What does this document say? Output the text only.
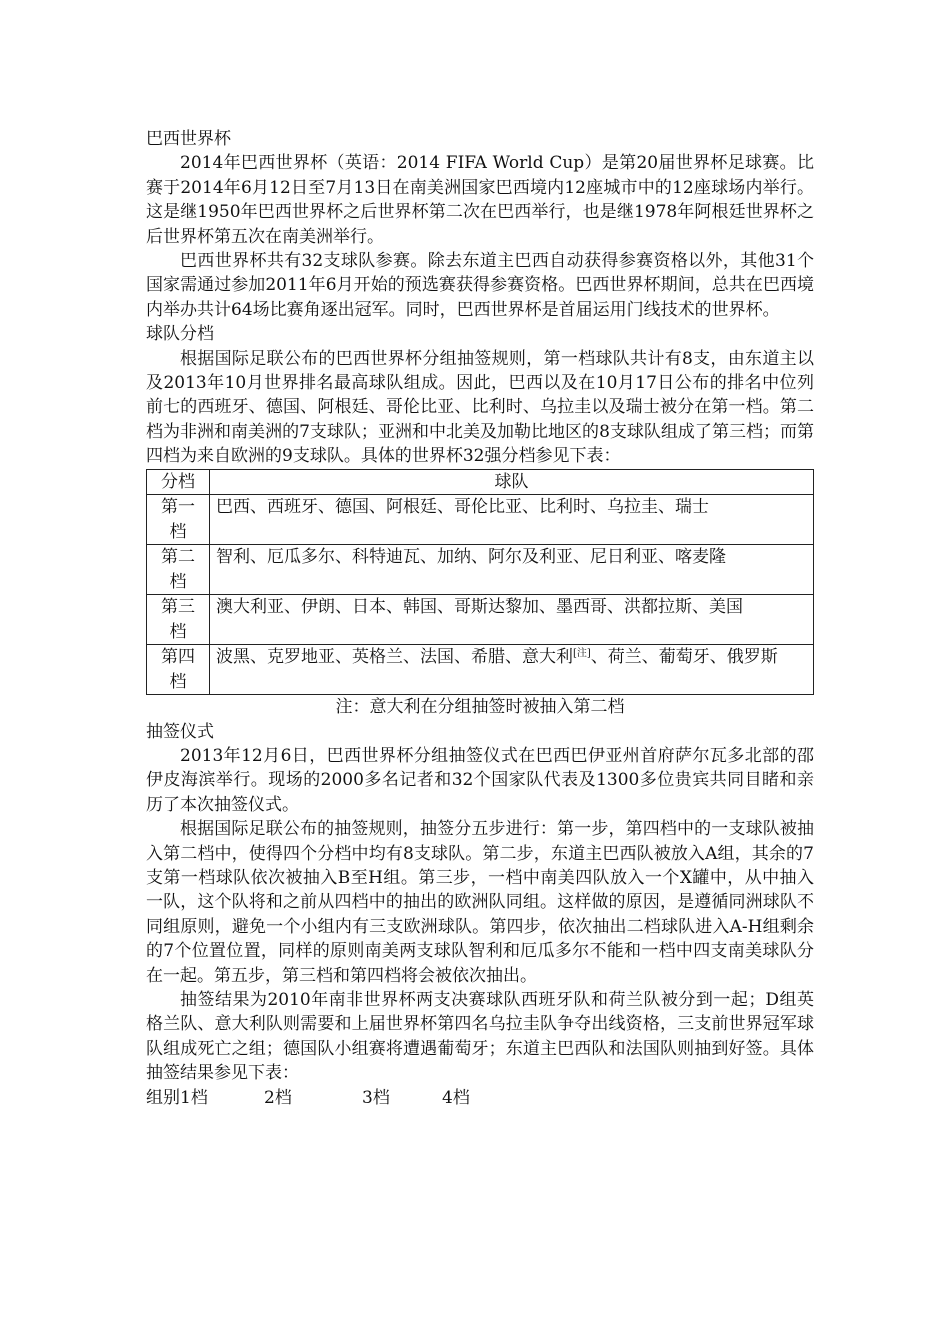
巴西世界杯

2014年巴西世界杯（英语：2014 FIFA World Cup）是第20届世界杯足球赛。比赛于2014年6月12日至7月13日在南美洲国家巴西境内12座城市中的12座球场内举行。这是继1950年巴西世界杯之后世界杯第二次在巴西举行，也是继1978年阿根廷世界杯之后世界杯第五次在南美洲举行。

巴西世界杯共有32支球队参赛。除去东道主巴西自动获得参赛资格以外，其他31个国家需通过参加2011年6月开始的预选赛获得参赛资格。巴西世界杯期间，总共在巴西境内举办共计64场比赛角逐出冠军。同时，巴西世界杯是首届运用门线技术的世界杯。

球队分档

根据国际足联公布的巴西世界杯分组抽签规则，第一档球队共计有8支，由东道主以及2013年10月世界排名最高球队组成。因此，巴西以及在10月17日公布的排名中位列前七的西班牙、德国、阿根廷、哥伦比亚、比利时、乌拉圭以及瑞士被分在第一档。第二档为非洲和南美洲的7支球队；亚洲和中北美及加勒比地区的8支球队组成了第三档；而第四档为来自欧洲的9支球队。具体的世界杯32强分档参见下表：

分档	球队
第一档	巴西、西班牙、德国、阿根廷、哥伦比亚、比利时、乌拉圭、瑞士
第二档	智利、厄瓜多尔、科特迪瓦、加纳、阿尔及利亚、尼日利亚、喀麦隆
第三档	澳大利亚、伊朗、日本、韩国、哥斯达黎加、墨西哥、洪都拉斯、美国
第四档	波黑、克罗地亚、英格兰、法国、希腊、意大利[注]、荷兰、葡萄牙、俄罗斯

注：意大利在分组抽签时被抽入第二档

抽签仪式

2013年12月6日，巴西世界杯分组抽签仪式在巴西巴伊亚州首府萨尔瓦多北部的邵伊皮海滨举行。现场的2000多名记者和32个国家队代表及1300多位贵宾共同目睹和亲历了本次抽签仪式。

根据国际足联公布的抽签规则，抽签分五步进行：第一步，第四档中的一支球队被抽入第二档中，使得四个分档中均有8支球队。第二步，东道主巴西队被放入A组，其余的7支第一档球队依次被抽入B至H组。第三步，一档中南美四队放入一个X罐中，从中抽入一队，这个队将和之前从四档中的抽出的欧洲队同组。这样做的原因，是遵循同洲球队不同组原则，避免一个小组内有三支欧洲球队。第四步，依次抽出二档球队进入A-H组剩余的7个位置位置，同样的原则南美两支球队智利和厄瓜多尔不能和一档中四支南美球队分在一起。第五步，第三档和第四档将会被依次抽出。

抽签结果为2010年南非世界杯两支决赛球队西班牙队和荷兰队被分到一起；D组英格兰队、意大利队则需要和上届世界杯第四名乌拉圭队争夺出线资格，三支前世界冠军球队组成死亡之组；德国队小组赛将遭遇葡萄牙；东道主巴西队和法国队则抽到好签。具体抽签结果参见下表：

组别1档	2档	3档	4档
